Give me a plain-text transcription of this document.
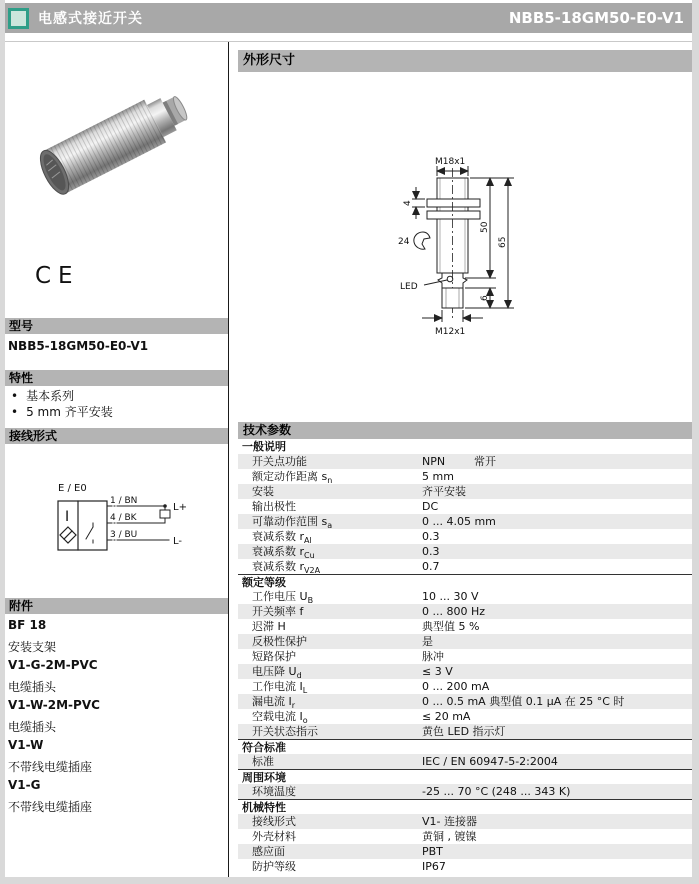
电感式接近开关	NBB5-18GM50-E0-V1
CE
型号
NBB5-18GM50-E0-V1
特性
• 基本系列
• 5 mm 齐平安装
接线形式
E / E0
I
1 / BN
4 / BK
3 / BU
L+
L-
附件
BF 18
安装支架
V1-G-2M-PVC
电缆插头
V1-W-2M-PVC
电缆插头
V1-W
不带线电缆插座
V1-G
不带线电缆插座
外形尺寸
M18x1
4
24
50
65
6
LED
M12x1
技术参数
一般说明
开关点功能	NPN	常开
额定动作距离 $s_n$	5 mm
安装	齐平安装
输出极性	DC
可靠动作范围 $s_a$	0 ... 4.05 mm
衰减系数 $r_{Al}$	0.3
衰减系数 $r_{Cu}$	0.3
衰减系数 $r_{V2A}$	0.7
额定等级
工作电压 $U_B$	10 ... 30 V
开关频率 f	0 ... 800 Hz
迟滞 H	典型值 5 %
反极性保护	是
短路保护	脉冲
电压降 $U_d$	≤ 3 V
工作电流 $I_L$	0 ... 200 mA
漏电流 $I_r$	0 ... 0.5 mA 典型值 0.1 μA 在 25 °C 时
空载电流 $I_o$	≤ 20 mA
开关状态指示	黄色 LED 指示灯
符合标准
标准	IEC / EN 60947-5-2:2004
周围环境
环境温度	-25 ... 70 °C (248 ... 343 K)
机械特性
接线形式	V1- 连接器
外壳材料	黄铜 , 镀镍
感应面	PBT
防护等级	IP67
